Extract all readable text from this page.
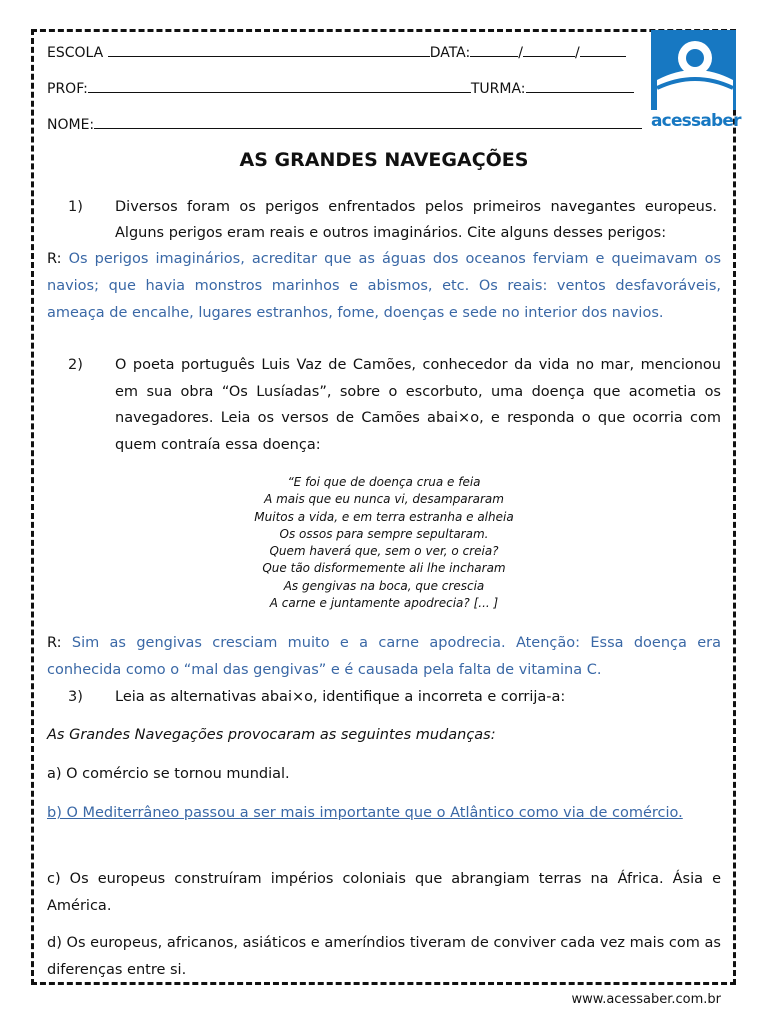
ESCOLA	DATA:	/	/
PROF:	TURMA:
NOME:	acessaber
AS GRANDES NAVEGAÇÕES
1) Diversos foram os perigos enfrentados pelos primeiros navegantes europeus.
Alguns perigos eram reais e outros imaginários. Cite alguns desses perigos:
R: Os perigos imaginários, acreditar que as águas dos oceanos ferviam e queimavam os navios; que havia monstros marinhos e abismos, etc. Os reais: ventos desfavoráveis, ameaça de encalhe, lugares estranhos, fome, doenças e sede no interior dos navios.
2) O poeta português Luis Vaz de Camões, conhecedor da vida no mar, mencionou em sua obra “Os Lusíadas”, sobre o escorbuto, uma doença que acometia os navegadores. Leia os versos de Camões abai×o, e responda o que ocorria com quem contraía essa doença:
“E foi que de doença crua e feia
A mais que eu nunca vi, desampararam
Muitos a vida, e em terra estranha e alheia
Os ossos para sempre sepultaram.
Quem haverá que, sem o ver, o creia?
Que tão disformemente ali lhe incharam
As gengivas na boca, que crescia
A carne e juntamente apodrecia? [... ]
R: Sim as gengivas cresciam muito e a carne apodrecia. Atenção: Essa doença era conhecida como o “mal das gengivas” e é causada pela falta de vitamina C.
3) Leia as alternativas abai×o, identifique a incorreta e corrija-a:
As Grandes Navegações provocaram as seguintes mudanças:
a) O comércio se tornou mundial.
b) O Mediterrâneo passou a ser mais importante que o Atlântico como via de comércio.
c) Os europeus construíram impérios coloniais que abrangiam terras na África. Ásia e América.
d) Os europeus, africanos, asiáticos e ameríndios tiveram de conviver cada vez mais com as diferenças entre si.
www.acessaber.com.br
